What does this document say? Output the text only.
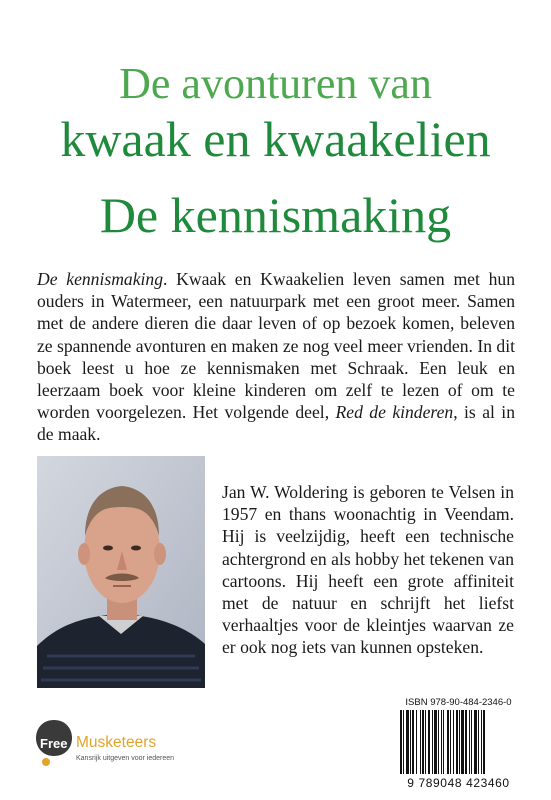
De avonturen van
kwaak en kwaakelien
De kennismaking

De kennismaking. Kwaak en Kwaakelien leven samen met hun ouders in Watermeer, een natuurpark met een groot meer. Samen met de andere dieren die daar leven of op bezoek komen, beleven ze spannende avonturen en maken ze nog veel meer vrienden. In dit boek leest u hoe ze kennismaken met Schraak. Een leuk en leerzaam boek voor kleine kinderen om zelf te lezen of om te worden voorgelezen. Het volgende deel, Red de kinderen, is al in de maak.

Jan W. Woldering is geboren te Velsen in 1957 en thans woonachtig in Veendam. Hij is veelzijdig, heeft een technische achtergrond en als hobby het tekenen van cartoons. Hij heeft een grote affiniteit met de natuur en schrijft het liefst verhaaltjes voor de kleintjes waarvan ze er ook nog iets van kunnen opsteken.

Free Musketeers
Kansrijk uitgeven voor iedereen
ISBN 978-90-484-2346-0
9 789048 423460
